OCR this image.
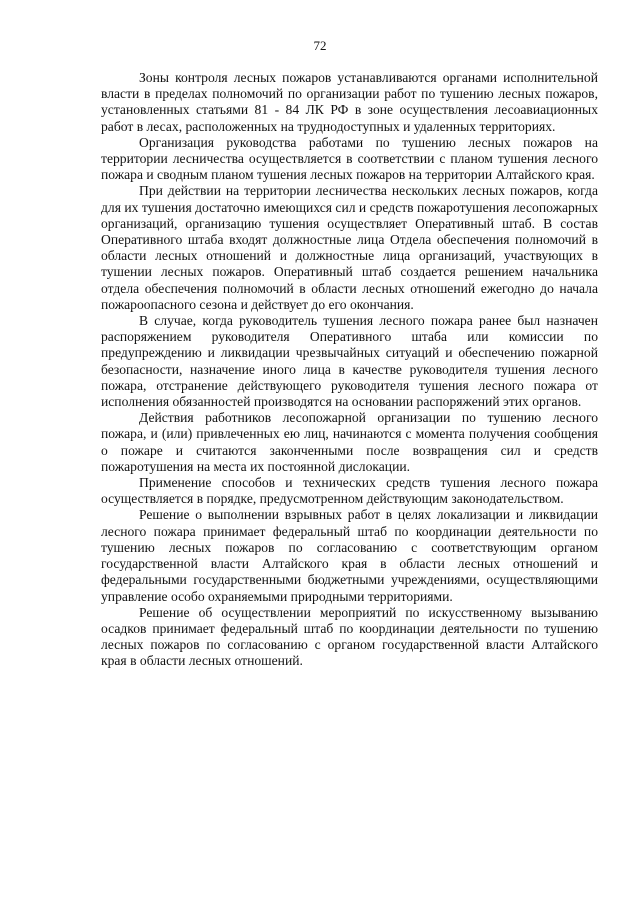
72

Зоны контроля лесных пожаров устанавливаются органами исполнительной власти в пределах полномочий по организации работ по тушению лесных пожаров, установленных статьями 81 - 84 ЛК РФ в зоне осуществления лесоавиационных работ в лесах, расположенных на труднодоступных и удаленных территориях.

Организация руководства работами по тушению лесных пожаров на территории лесничества осуществляется в соответствии с планом тушения лесного пожара и сводным планом тушения лесных пожаров на территории Алтайского края.

При действии на территории лесничества нескольких лесных пожаров, когда для их тушения достаточно имеющихся сил и средств пожаротушения лесопожарных организаций, организацию тушения осуществляет Оперативный штаб. В состав Оперативного штаба входят должностные лица Отдела обеспечения полномочий в области лесных отношений и должностные лица организаций, участвующих в тушении лесных пожаров. Оперативный штаб создается решением начальника отдела обеспечения полномочий в области лесных отношений ежегодно до начала пожароопасного сезона и действует до его окончания.

В случае, когда руководитель тушения лесного пожара ранее был назначен распоряжением руководителя Оперативного штаба или комиссии по предупреждению и ликвидации чрезвычайных ситуаций и обеспечению пожарной безопасности, назначение иного лица в качестве руководителя тушения лесного пожара, отстранение действующего руководителя тушения лесного пожара от исполнения обязанностей производятся на основании распоряжений этих органов.

Действия работников лесопожарной организации по тушению лесного пожара, и (или) привлеченных ею лиц, начинаются с момента получения сообщения о пожаре и считаются законченными после возвращения сил и средств пожаротушения на места их постоянной дислокации.

Применение способов и технических средств тушения лесного пожара осуществляется в порядке, предусмотренном действующим законодательством.

Решение о выполнении взрывных работ в целях локализации и ликвидации лесного пожара принимает федеральный штаб по координации деятельности по тушению лесных пожаров по согласованию с соответствующим органом государственной власти Алтайского края в области лесных отношений и федеральными государственными бюджетными учреждениями, осуществляющими управление особо охраняемыми природными территориями.

Решение об осуществлении мероприятий по искусственному вызыванию осадков принимает федеральный штаб по координации деятельности по тушению лесных пожаров по согласованию с органом государственной власти Алтайского края в области лесных отношений.
